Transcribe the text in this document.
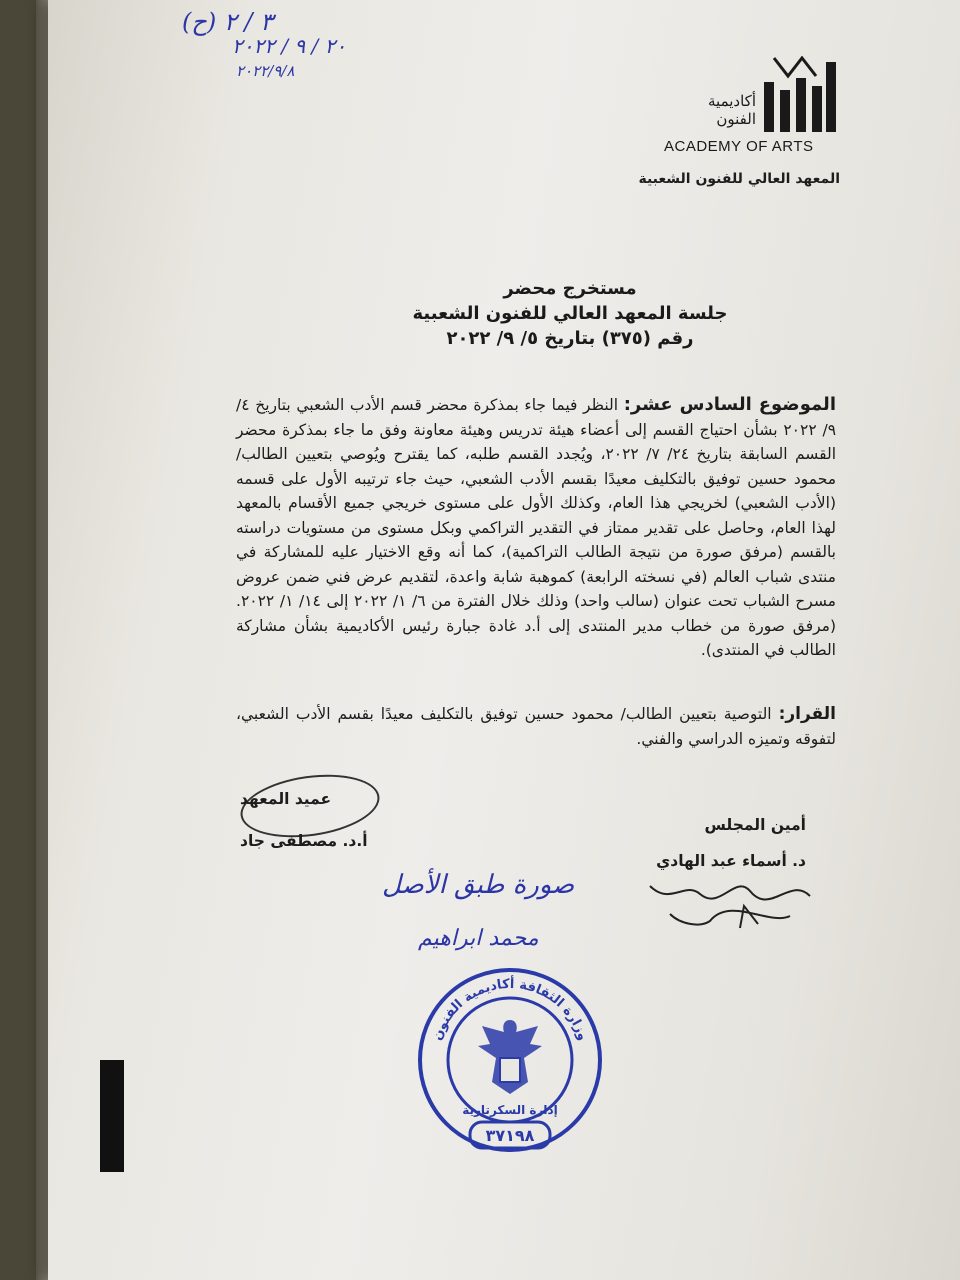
(ح) ٣ / ٢
٢٠ / ٩ / ٢٠٢٢
٢٠٢٢/٩/٨
أكاديمية
الفنون
ACADEMY OF ARTS
المعهد العالي للفنون الشعبية
مستخرج محضر
جلسة المعهد العالي للفنون الشعبية
رقم (٣٧٥) بتاريخ ٥/ ٩/ ٢٠٢٢
الموضوع السادس عشر: النظر فيما جاء بمذكرة محضر قسم الأدب الشعبي بتاريخ ٤/ ٩/ ٢٠٢٢ بشأن احتياج القسم إلى أعضاء هيئة تدريس وهيئة معاونة وفق ما جاء بمذكرة محضر القسم السابقة بتاريخ ٢٤/ ٧/ ٢٠٢٢، ويُجدد القسم طلبه، كما يقترح ويُوصي بتعيين الطالب/ محمود حسين توفيق بالتكليف معيدًا بقسم الأدب الشعبي، حيث جاء ترتيبه الأول على قسمه (الأدب الشعبي) لخريجي هذا العام، وكذلك الأول على مستوى خريجي جميع الأقسام بالمعهد لهذا العام، وحاصل على تقدير ممتاز في التقدير التراكمي وبكل مستوى من مستويات دراسته بالقسم (مرفق صورة من نتيجة الطالب التراكمية)، كما أنه وقع الاختيار عليه للمشاركة في منتدى شباب العالم (في نسخته الرابعة) كموهبة شابة واعدة، لتقديم عرض فني ضمن عروض مسرح الشباب تحت عنوان (سالب واحد) وذلك خلال الفترة من ٦/ ١/ ٢٠٢٢ إلى ١٤/ ١/ ٢٠٢٢. (مرفق صورة من خطاب مدير المنتدى إلى أ.د غادة جبارة رئيس الأكاديمية بشأن مشاركة الطالب في المنتدى).
القرار: التوصية بتعيين الطالب/ محمود حسين توفيق بالتكليف معيدًا بقسم الأدب الشعبي، لتفوقه وتميزه الدراسي والفني.
عميد المعهد
أ.د. مصطفى جاد
أمين المجلس
د. أسماء عبد الهادي
صورة طبق الأصل
محمد ابراهيم
وزارة الثقافة أكاديمية الفنون
إدارة السكرتارية
٣٧١٩٨
